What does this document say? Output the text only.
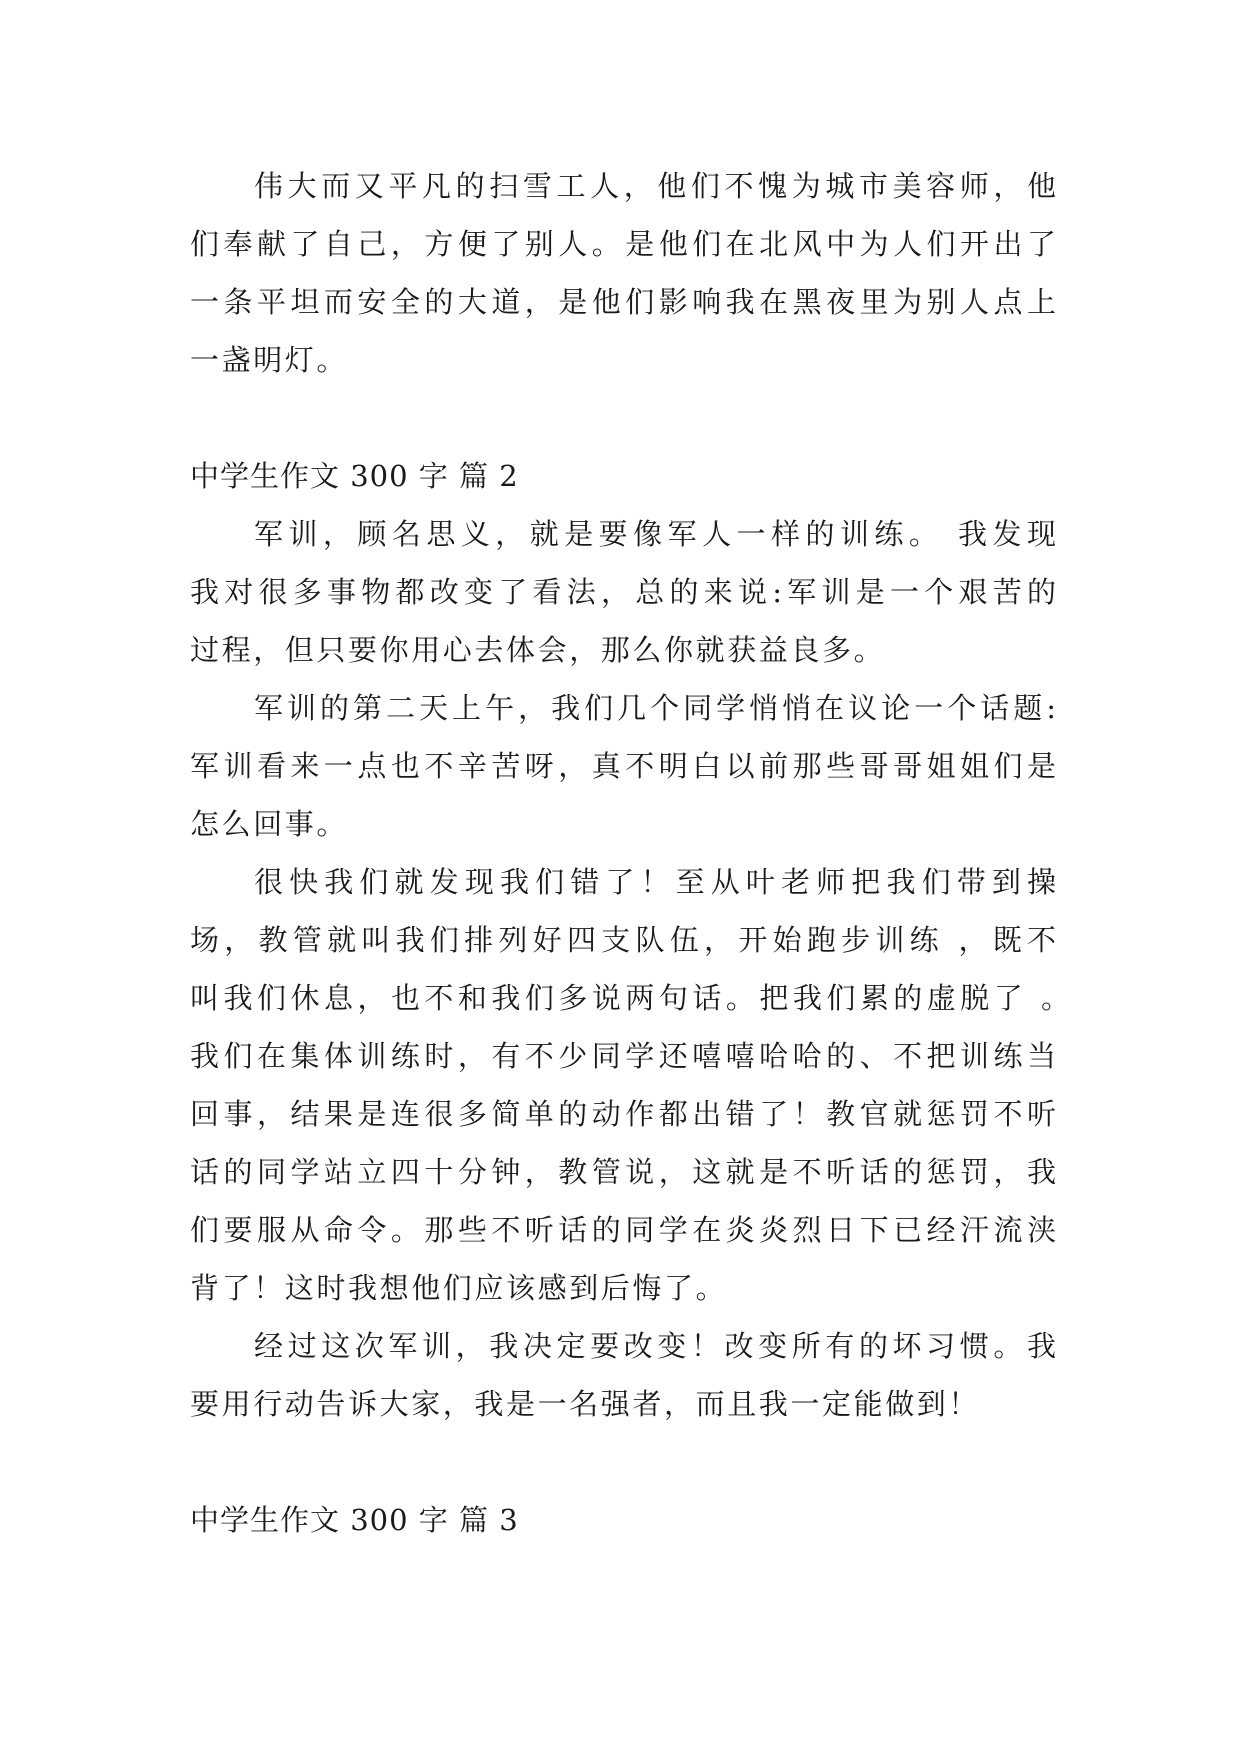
伟大而又平凡的扫雪工人，他们不愧为城市美容师，他
们奉献了自己，方便了别人。是他们在北风中为人们开出了
一条平坦而安全的大道，是他们影响我在黑夜里为别人点上
一盏明灯。
中学生作文 300 字 篇 2
军训，顾名思义，就是要像军人一样的训练。 我发现
我对很多事物都改变了看法，总的来说:军训是一个艰苦的
过程，但只要你用心去体会，那么你就获益良多。
军训的第二天上午，我们几个同学悄悄在议论一个话题:
军训看来一点也不辛苦呀，真不明白以前那些哥哥姐姐们是
怎么回事。
很快我们就发现我们错了！至从叶老师把我们带到操
场，教管就叫我们排列好四支队伍，开始跑步训练 ，既不
叫我们休息，也不和我们多说两句话。把我们累的虚脱了 。
我们在集体训练时，有不少同学还嘻嘻哈哈的、不把训练当
回事，结果是连很多简单的动作都出错了！教官就惩罚不听
话的同学站立四十分钟，教管说，这就是不听话的惩罚，我
们要服从命令。那些不听话的同学在炎炎烈日下已经汗流浃
背了！这时我想他们应该感到后悔了。
经过这次军训，我决定要改变！改变所有的坏习惯。我
要用行动告诉大家，我是一名强者，而且我一定能做到！
中学生作文 300 字 篇 3
